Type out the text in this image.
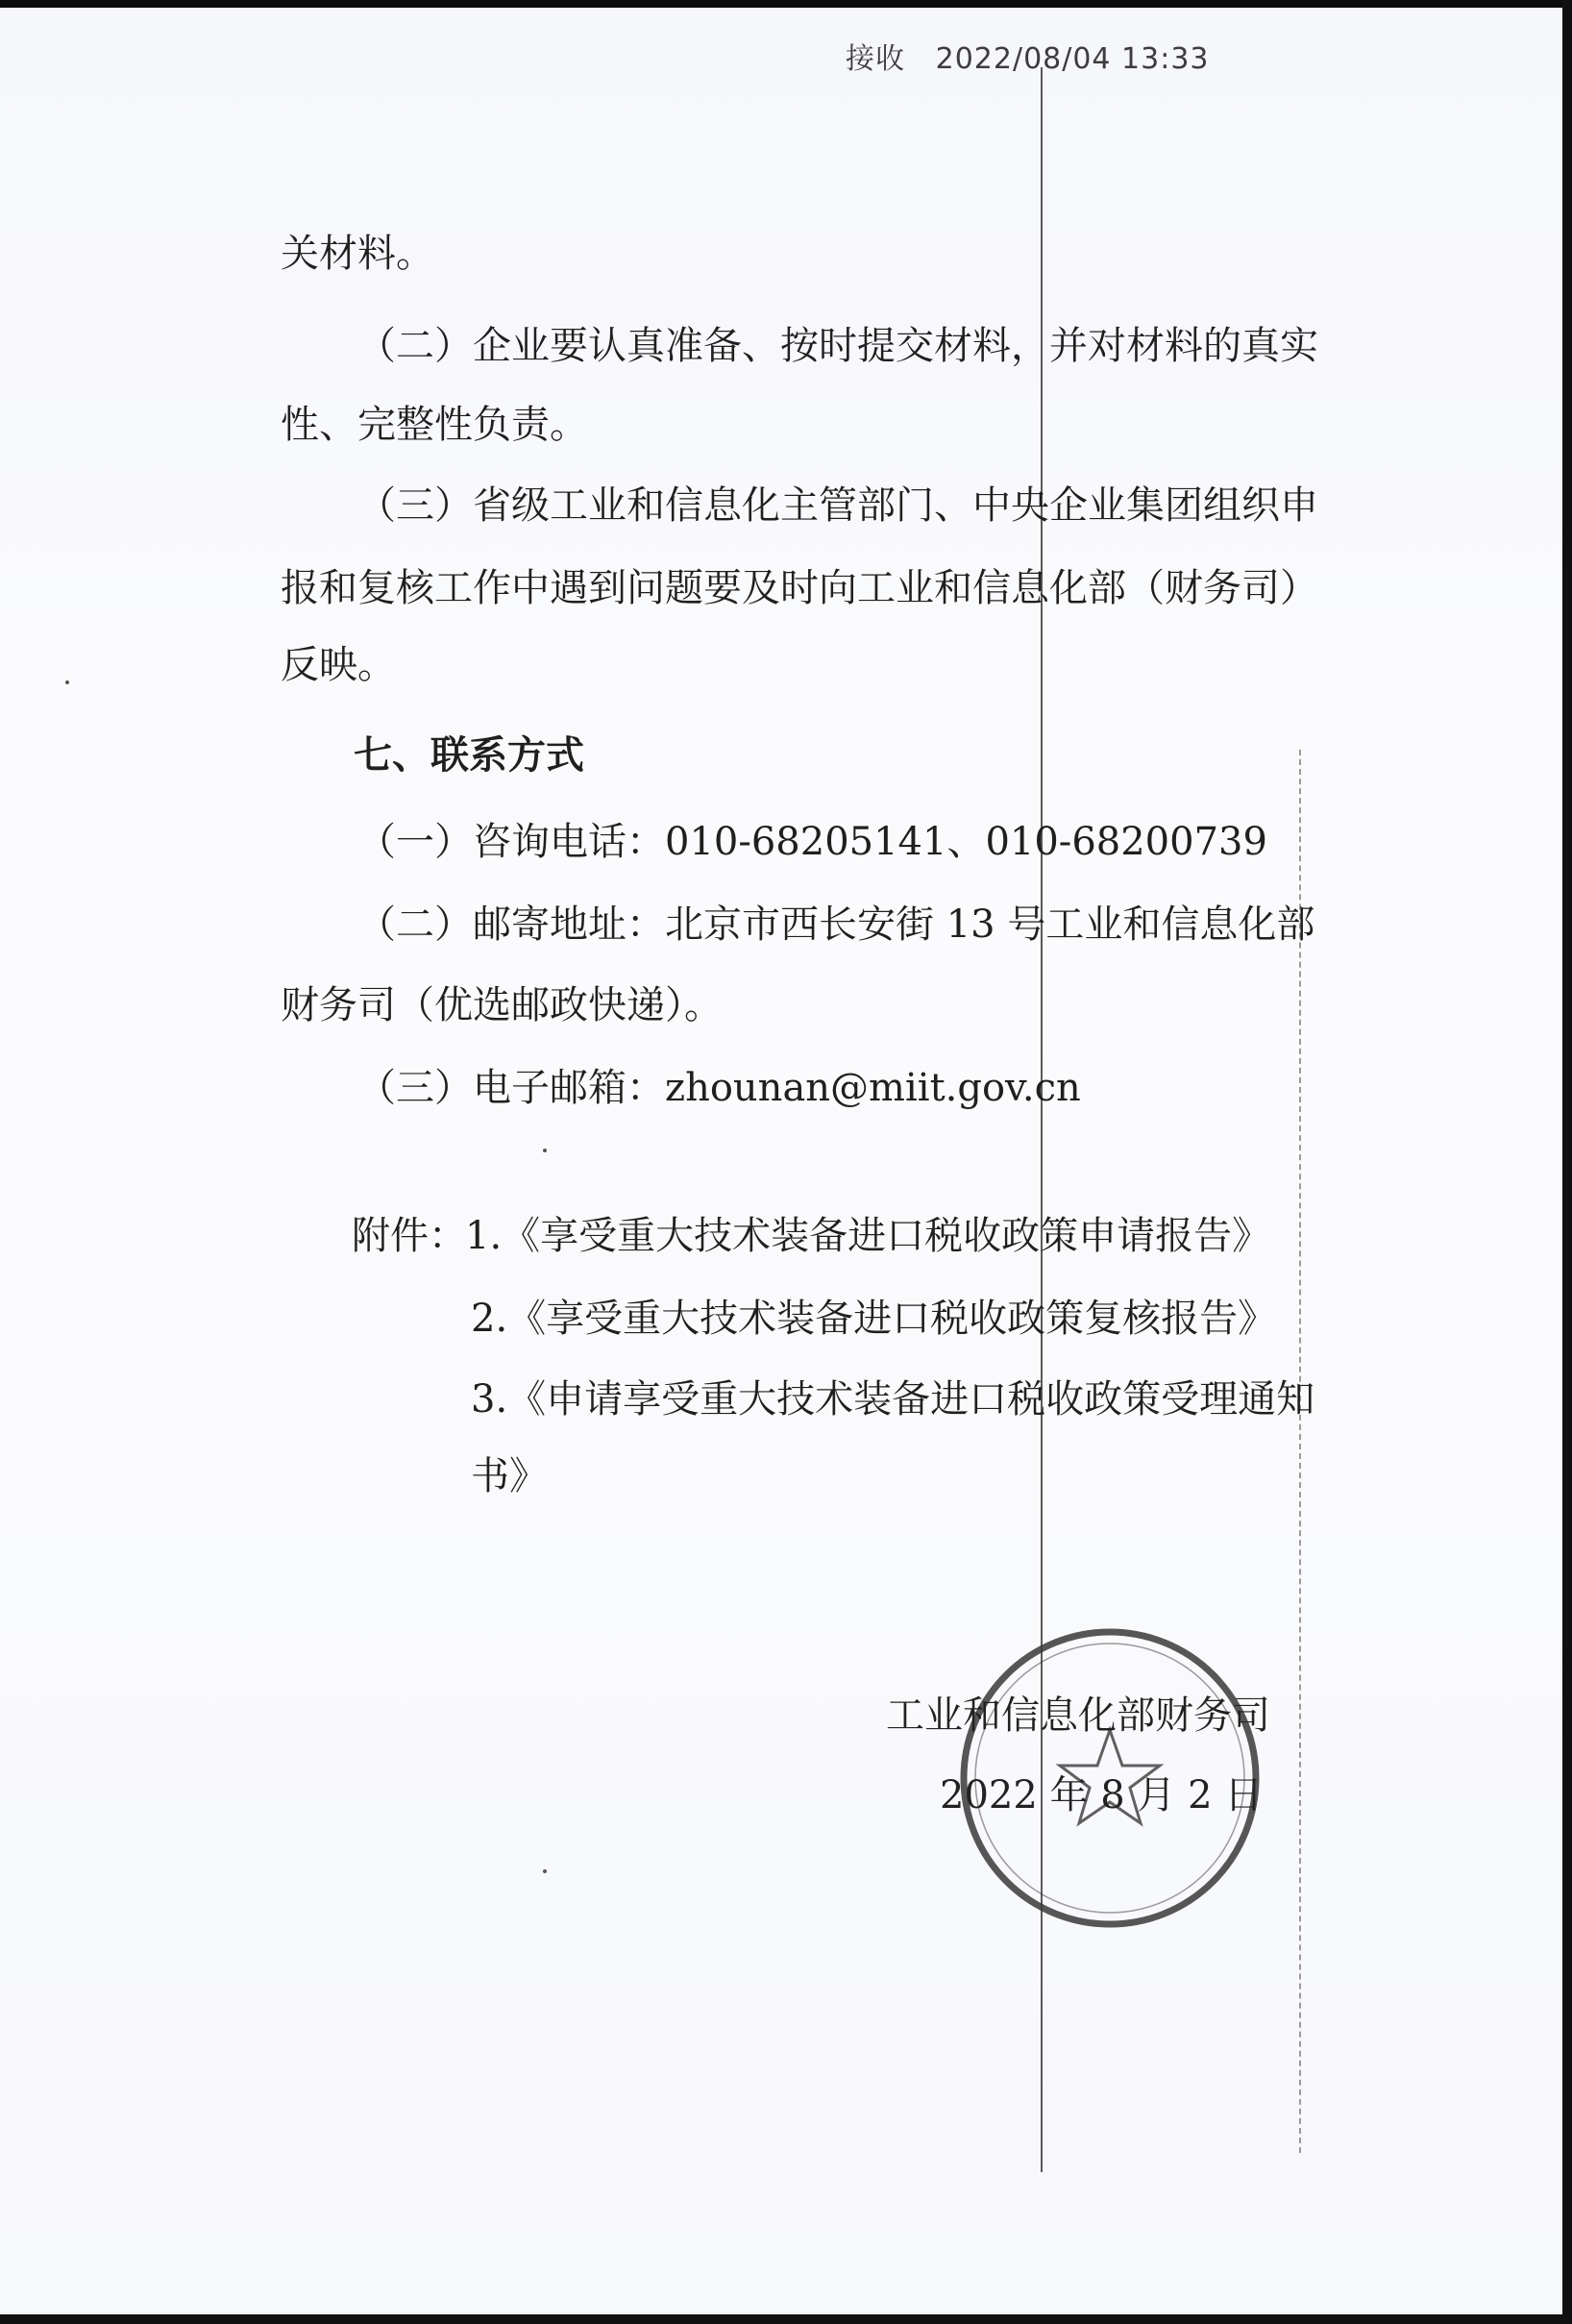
接收 2022/08/04 13:33
关材料。
（二）企业要认真准备、按时提交材料，并对材料的真实
性、完整性负责。
（三）省级工业和信息化主管部门、中央企业集团组织申
报和复核工作中遇到问题要及时向工业和信息化部（财务司）
反映。
七、联系方式
（一）咨询电话：010-68205141、010-68200739
（二）邮寄地址：北京市西长安街 13 号工业和信息化部
财务司（优选邮政快递）。
（三）电子邮箱：zhounan@miit.gov.cn
附件：
1.《享受重大技术装备进口税收政策申请报告》
2.《享受重大技术装备进口税收政策复核报告》
3.《申请享受重大技术装备进口税收政策受理通知
书》
工业和信息化部财务司
2022 年 8 月 2 日
